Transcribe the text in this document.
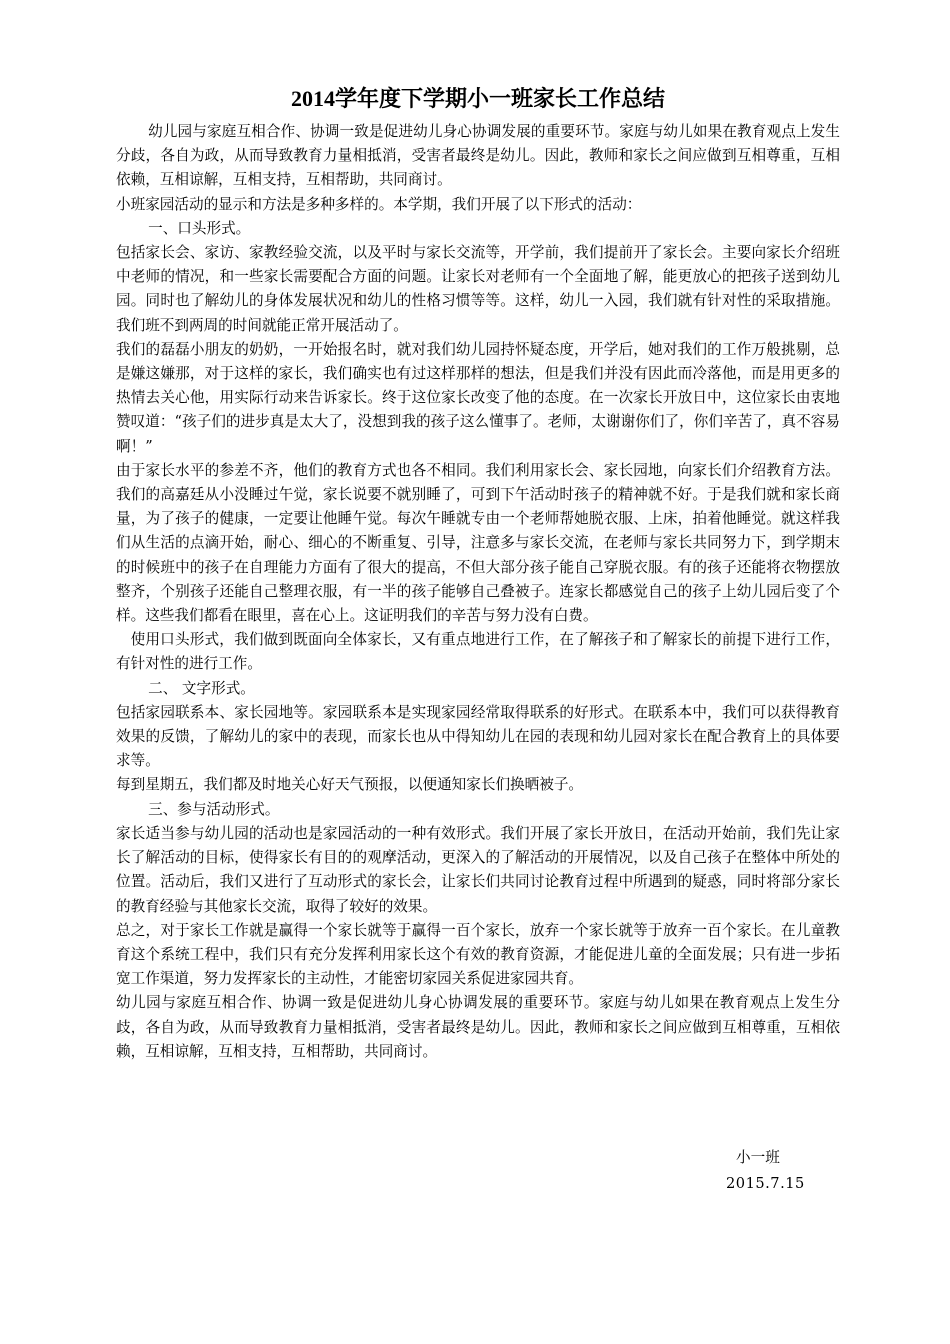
2014学年度下学期小一班家长工作总结

幼儿园与家庭互相合作、协调一致是促进幼儿身心协调发展的重要环节。家庭与幼儿如果在教育观点上发生分歧，各自为政，从而导致教育力量相抵消，受害者最终是幼儿。因此，教师和家长之间应做到互相尊重，互相依赖，互相谅解，互相支持，互相帮助，共同商讨。

小班家园活动的显示和方法是多种多样的。本学期，我们开展了以下形式的活动：

一、口头形式。

包括家长会、家访、家教经验交流，以及平时与家长交流等，开学前，我们提前开了家长会。主要向家长介绍班中老师的情况，和一些家长需要配合方面的问题。让家长对老师有一个全面地了解，能更放心的把孩子送到幼儿园。同时也了解幼儿的身体发展状况和幼儿的性格习惯等等。这样，幼儿一入园，我们就有针对性的采取措施。我们班不到两周的时间就能正常开展活动了。

我们的磊磊小朋友的奶奶，一开始报名时，就对我们幼儿园持怀疑态度，开学后，她对我们的工作万般挑剔，总是嫌这嫌那，对于这样的家长，我们确实也有过这样那样的想法，但是我们并没有因此而冷落他，而是用更多的热情去关心他，用实际行动来告诉家长。终于这位家长改变了他的态度。在一次家长开放日中，这位家长由衷地赞叹道：“孩子们的进步真是太大了，没想到我的孩子这么懂事了。老师，太谢谢你们了，你们辛苦了，真不容易啊！”

由于家长水平的参差不齐，他们的教育方式也各不相同。我们利用家长会、家长园地，向家长们介绍教育方法。我们的高嘉廷从小没睡过午觉，家长说要不就别睡了，可到下午活动时孩子的精神就不好。于是我们就和家长商量，为了孩子的健康，一定要让他睡午觉。每次午睡就专由一个老师帮她脱衣服、上床，拍着他睡觉。就这样我们从生活的点滴开始，耐心、细心的不断重复、引导，注意多与家长交流，在老师与家长共同努力下，到学期末的时候班中的孩子在自理能力方面有了很大的提高，不但大部分孩子能自己穿脱衣服。有的孩子还能将衣物摆放整齐，个别孩子还能自己整理衣服，有一半的孩子能够自己叠被子。连家长都感觉自己的孩子上幼儿园后变了个样。这些我们都看在眼里，喜在心上。这证明我们的辛苦与努力没有白费。

使用口头形式，我们做到既面向全体家长，又有重点地进行工作，在了解孩子和了解家长的前提下进行工作，有针对性的进行工作。

二、 文字形式。

包括家园联系本、家长园地等。家园联系本是实现家园经常取得联系的好形式。在联系本中，我们可以获得教育效果的反馈，了解幼儿的家中的表现，而家长也从中得知幼儿在园的表现和幼儿园对家长在配合教育上的具体要求等。

每到星期五，我们都及时地关心好天气预报，以便通知家长们换晒被子。

三、参与活动形式。

家长适当参与幼儿园的活动也是家园活动的一种有效形式。我们开展了家长开放日，在活动开始前，我们先让家长了解活动的目标，使得家长有目的的观摩活动，更深入的了解活动的开展情况，以及自己孩子在整体中所处的位置。活动后，我们又进行了互动形式的家长会，让家长们共同讨论教育过程中所遇到的疑惑，同时将部分家长的教育经验与其他家长交流，取得了较好的效果。

总之，对于家长工作就是赢得一个家长就等于赢得一百个家长，放弃一个家长就等于放弃一百个家长。在儿童教育这个系统工程中，我们只有充分发挥利用家长这个有效的教育资源，才能促进儿童的全面发展；只有进一步拓宽工作渠道，努力发挥家长的主动性，才能密切家园关系促进家园共育。

幼儿园与家庭互相合作、协调一致是促进幼儿身心协调发展的重要环节。家庭与幼儿如果在教育观点上发生分歧，各自为政，从而导致教育力量相抵消，受害者最终是幼儿。因此，教师和家长之间应做到互相尊重，互相依赖，互相谅解，互相支持，互相帮助，共同商讨。

小一班
2015.7.15
